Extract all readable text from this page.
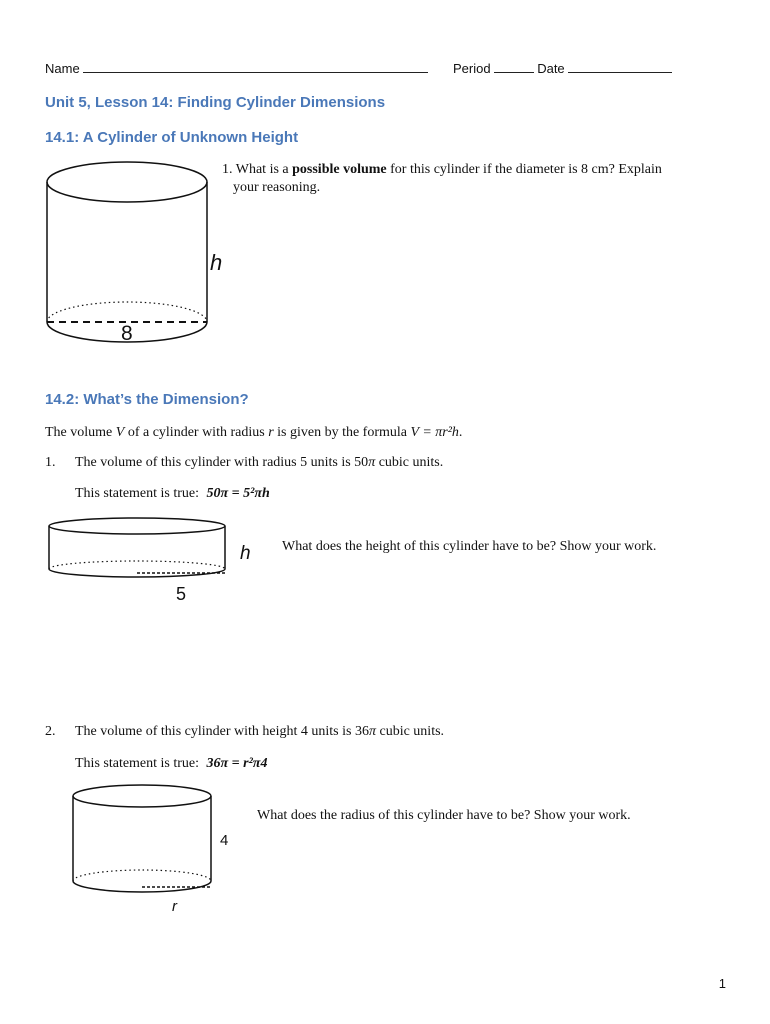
Name	Period	Date
Unit 5, Lesson 14: Finding Cylinder Dimensions
14.1: A Cylinder of Unknown Height
h
8
1. What is a possible volume for this cylinder if the diameter is 8 cm? Explain
your reasoning.
14.2: What’s the Dimension?
The volume V of a cylinder with radius r is given by the formula V = πr²h.
1. The volume of this cylinder with radius 5 units is 50π cubic units.
This statement is true: 50π = 5²πh
h
5
What does the height of this cylinder have to be? Show your work.
2. The volume of this cylinder with height 4 units is 36π cubic units.
This statement is true: 36π = r²π4
4
r
What does the radius of this cylinder have to be? Show your work.
1
